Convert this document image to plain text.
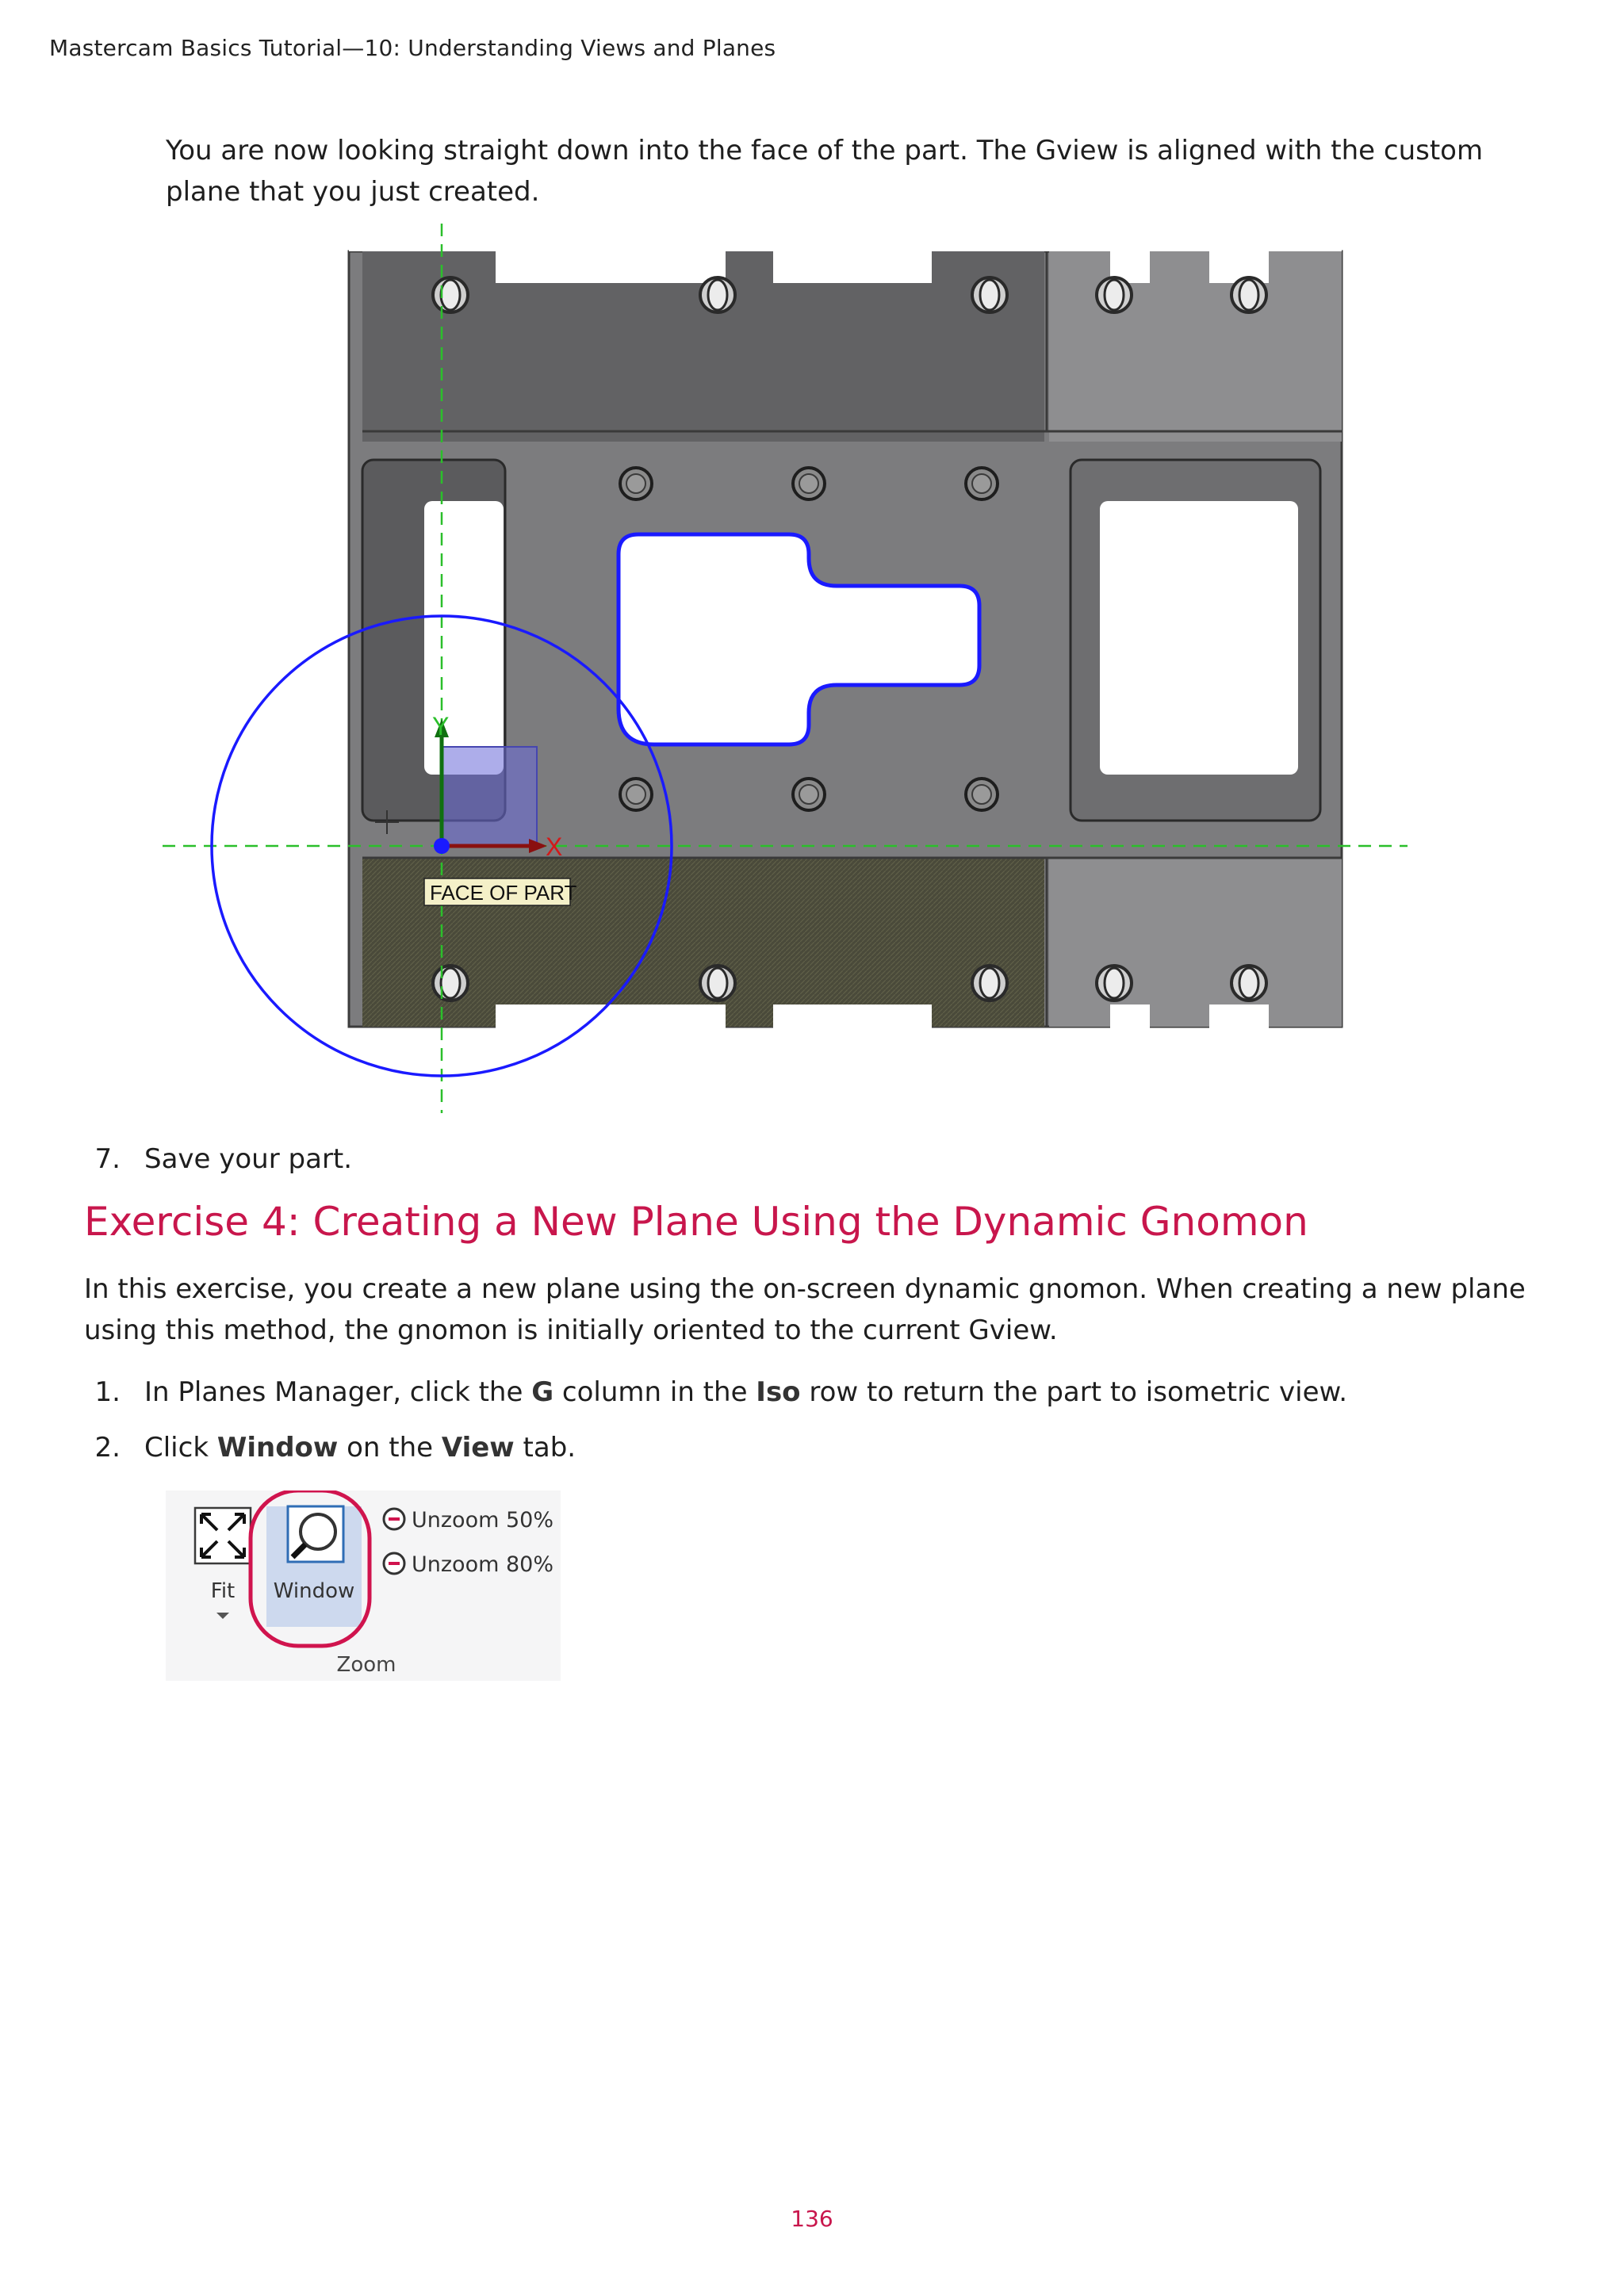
Mastercam Basics Tutorial—10: Understanding Views and Planes
You are now looking straight down into the face of the part. The Gview is aligned with the custom plane that you just created.
Y
X
FACE OF PART
7. Save your part.
Exercise 4: Creating a New Plane Using the Dynamic Gnomon
In this exercise, you create a new plane using the on-screen dynamic gnomon. When creating a new plane using this method, the gnomon is initially oriented to the current Gview.
1. In Planes Manager, click the G column in the Iso row to return the part to isometric view.
2. Click Window on the View tab.
Fit Window
Unzoom 50%
Unzoom 80%
Zoom
136
